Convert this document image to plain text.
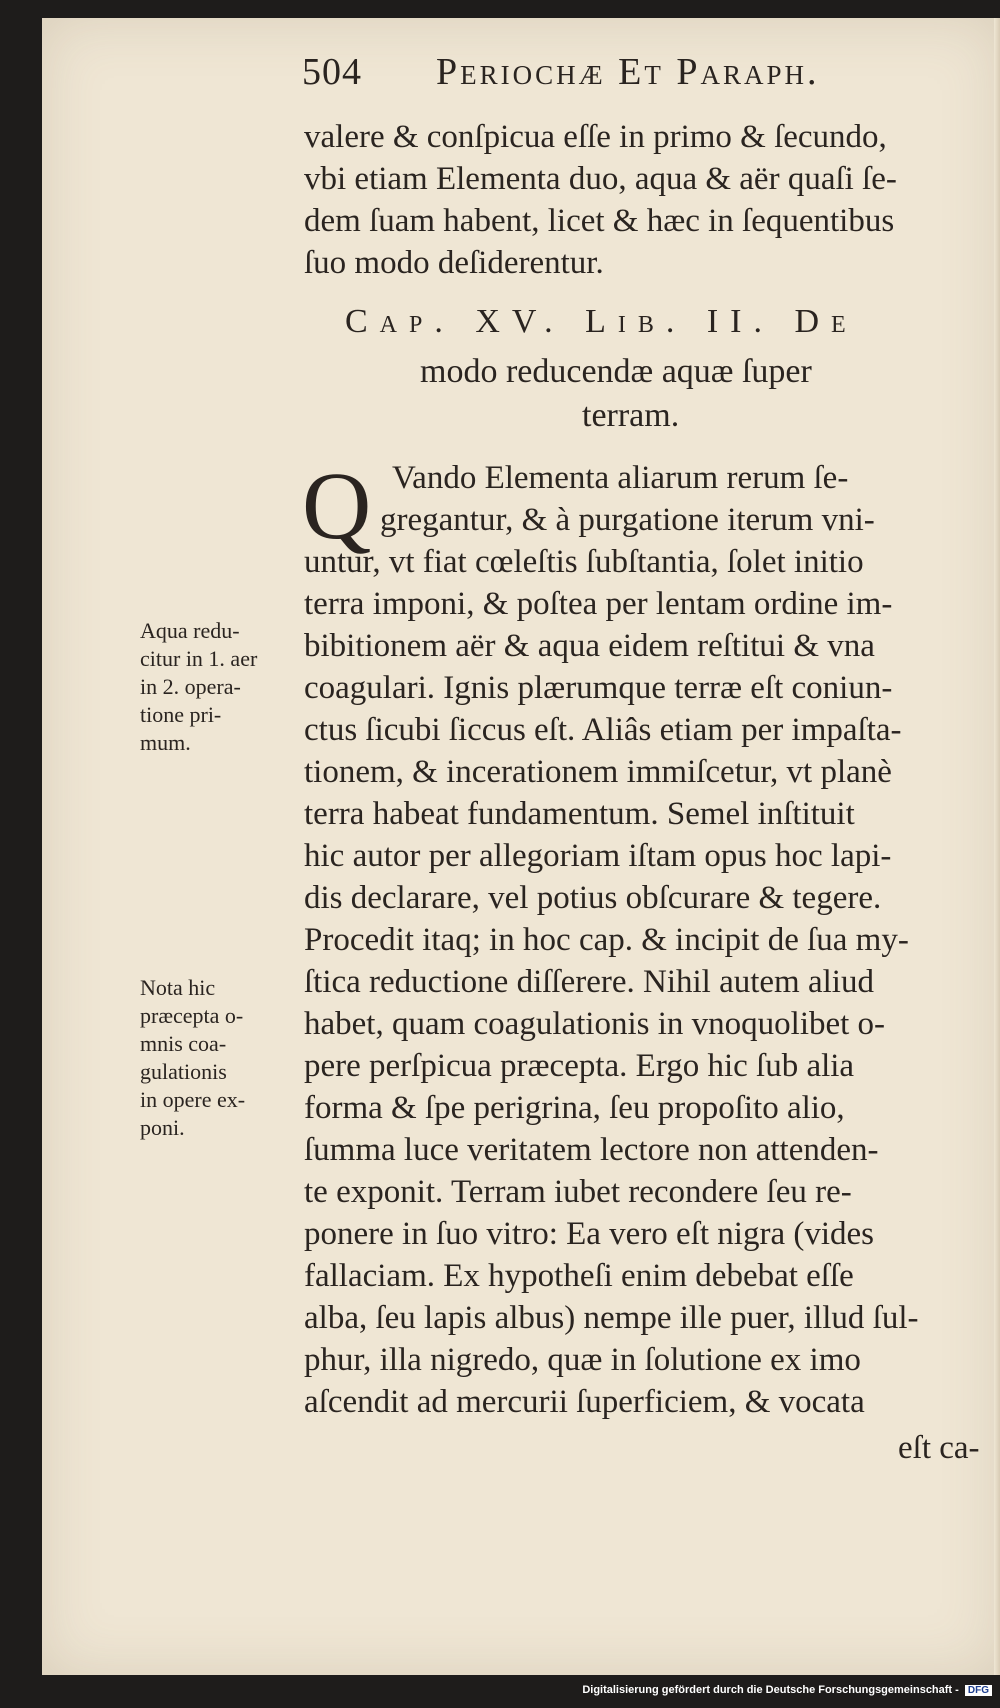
504 Periochæ Et Paraph.
valere & conſpicua eſſe in primo & ſecundo,
vbi etiam Elementa duo, aqua & aër quaſi ſe-
dem ſuam habent, licet & hæc in ſequentibus
ſuo modo deſiderentur.
Cap. XV. Lib. II. De
modo reducendæ aquæ ſuper
terram.
Q Vando Elementa aliarum rerum ſe-
gregantur, & à purgatione iterum vni-
untur, vt fiat cœleſtis ſubſtantia, ſolet initio
terra imponi, & poſtea per lentam ordine im-
bibitionem aër & aqua eidem reſtitui & vna
coagulari. Ignis plærumque terræ eſt coniun-
ctus ſicubi ſiccus eſt. Aliâs etiam per impaſta-
tionem, & incerationem immiſcetur, vt planè
terra habeat fundamentum. Semel inſtituit
hic autor per allegoriam iſtam opus hoc lapi-
dis declarare, vel potius obſcurare & tegere.
Procedit itaq; in hoc cap. & incipit de ſua my-
ſtica reductione diſſerere. Nihil autem aliud
habet, quam coagulationis in vnoquolibet o-
pere perſpicua præcepta. Ergo hic ſub alia
forma & ſpe perigrina, ſeu propoſito alio,
ſumma luce veritatem lectore non attenden-
te exponit. Terram iubet recondere ſeu re-
ponere in ſuo vitro: Ea vero eſt nigra (vides
fallaciam. Ex hypotheſi enim debebat eſſe
alba, ſeu lapis albus) nempe ille puer, illud ſul-
phur, illa nigredo, quæ in ſolutione ex imo
aſcendit ad mercurii ſuperficiem, & vocata
eſt ca-
Aqua redu-
citur in 1. aer
in 2. opera-
tione pri-
mum.
Nota hic
præcepta o-
mnis coa-
gulationis
in opere ex-
poni.
Digitalisierung gefördert durch die Deutsche Forschungsgemeinschaft - DFG
